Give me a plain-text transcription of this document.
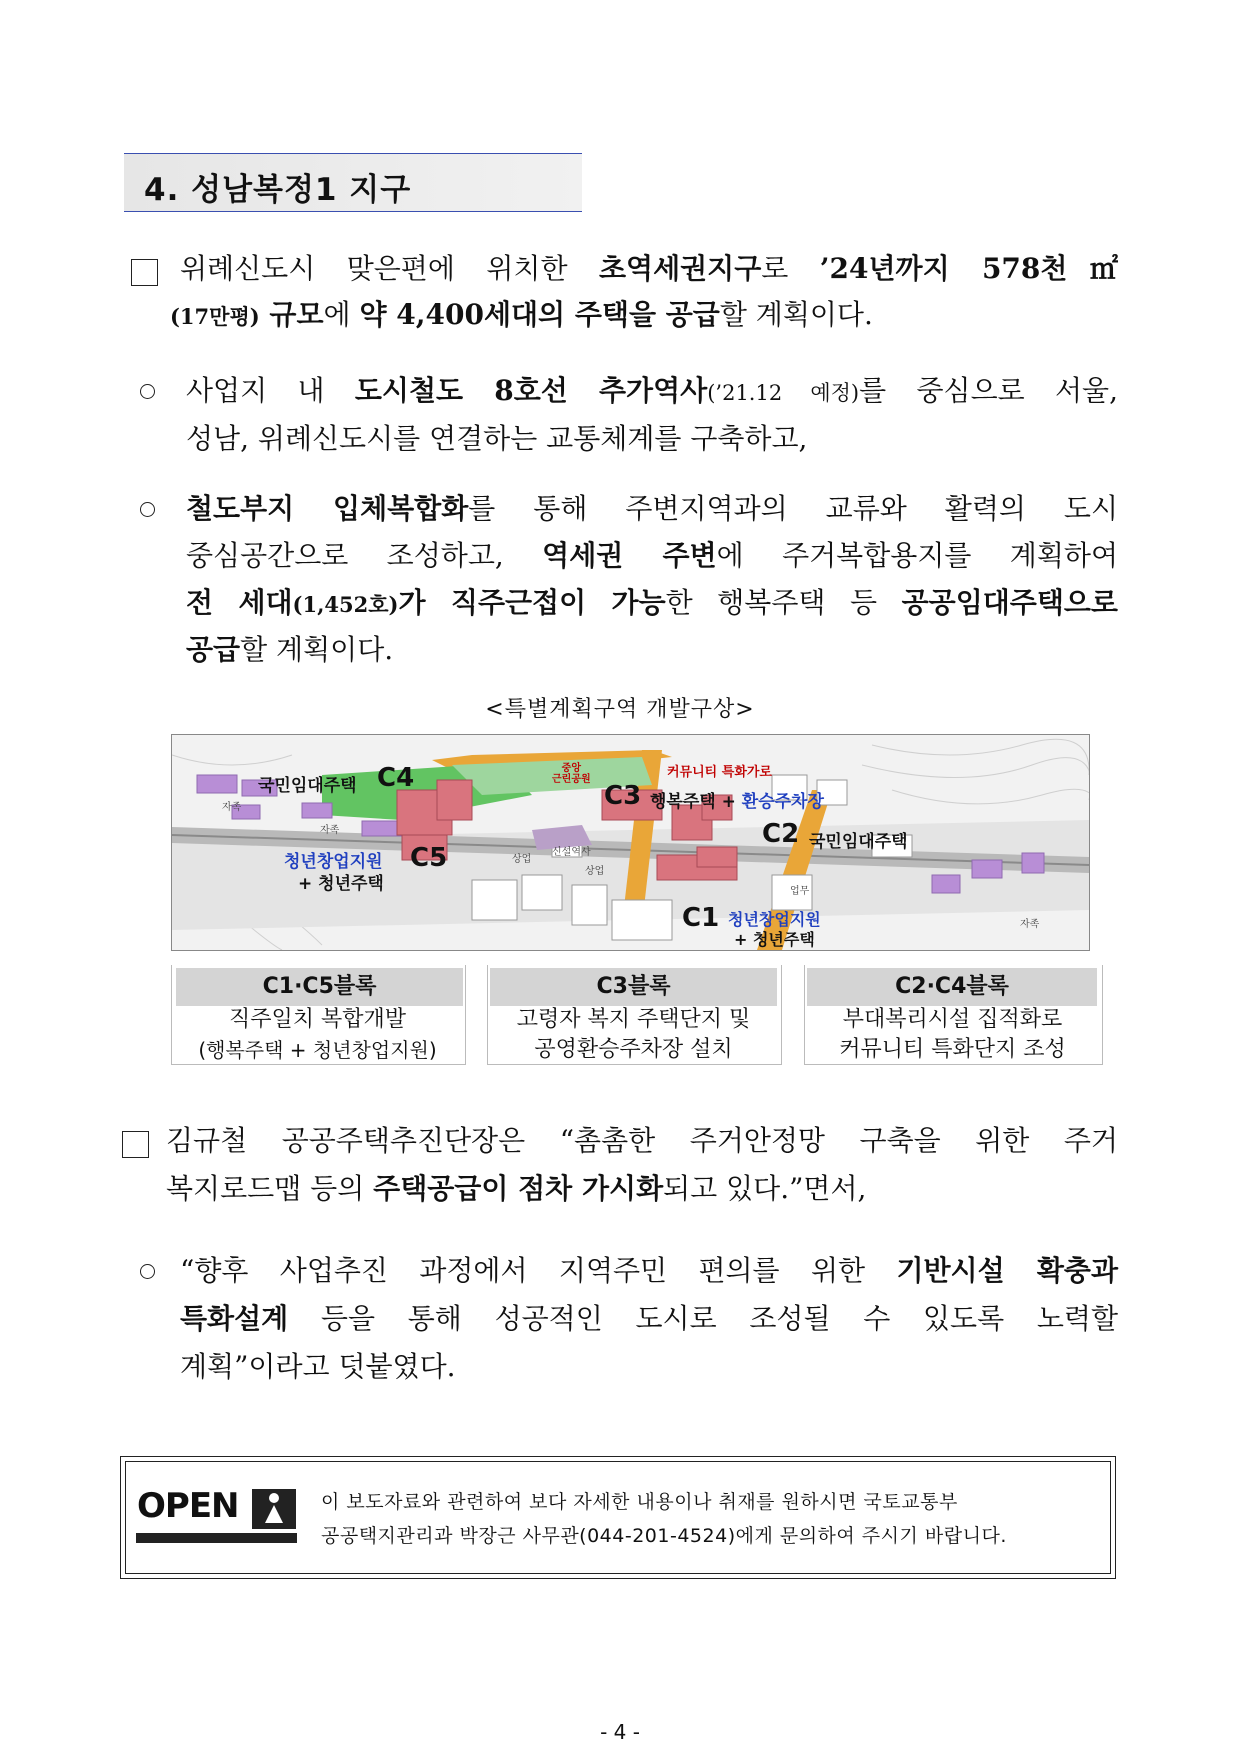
4. 성남복정1 지구
위례신도시 맞은편에 위치한 초역세권지구로 ’24년까지 578천㎡
(17만평) 규모에 약 4,400세대의 주택을 공급할 계획이다.
사업지 내 도시철도 8호선 추가역사(’21.12 예정)를 중심으로 서울,
성남, 위례신도시를 연결하는 교통체계를 구축하고,
철도부지 입체복합화를 통해 주변지역과의 교류와 활력의 도시
중심공간으로 조성하고, 역세권 주변에 주거복합용지를 계획하여
전 세대(1,452호)가 직주근접이 가능한 행복주택 등 공공임대주택으로
공급할 계획이다.
<특별계획구역 개발구상>
국민임대주택 C4
C3 행복주택 + 환승주차장
C2 국민임대주택
청년창업지원
+ 청년주택
C5
C1 청년창업지원
+ 청년주택
중앙
근린공원	커뮤니티 특화가로
신설역사
상업
상업
업무
자족
자족
자족
C1·C5블록
직주일치 복합개발
(행복주택 + 청년창업지원)
C3블록
고령자 복지 주택단지 및
공영환승주차장 설치
C2·C4블록
부대복리시설 집적화로
커뮤니티 특화단지 조성
김규철 공공주택추진단장은 “촘촘한 주거안정망 구축을 위한 주거
복지로드맵 등의 주택공급이 점차 가시화되고 있다.”면서,
“향후 사업추진 과정에서 지역주민 편의를 위한 기반시설 확충과
특화설계 등을 통해 성공적인 도시로 조성될 수 있도록 노력할
계획”이라고 덧붙였다.
OPEN	이 보도자료와 관련하여 보다 자세한 내용이나 취재를 원하시면 국토교통부
공공택지관리과 박장근 사무관(044-201-4524)에게 문의하여 주시기 바랍니다.
- 4 -
